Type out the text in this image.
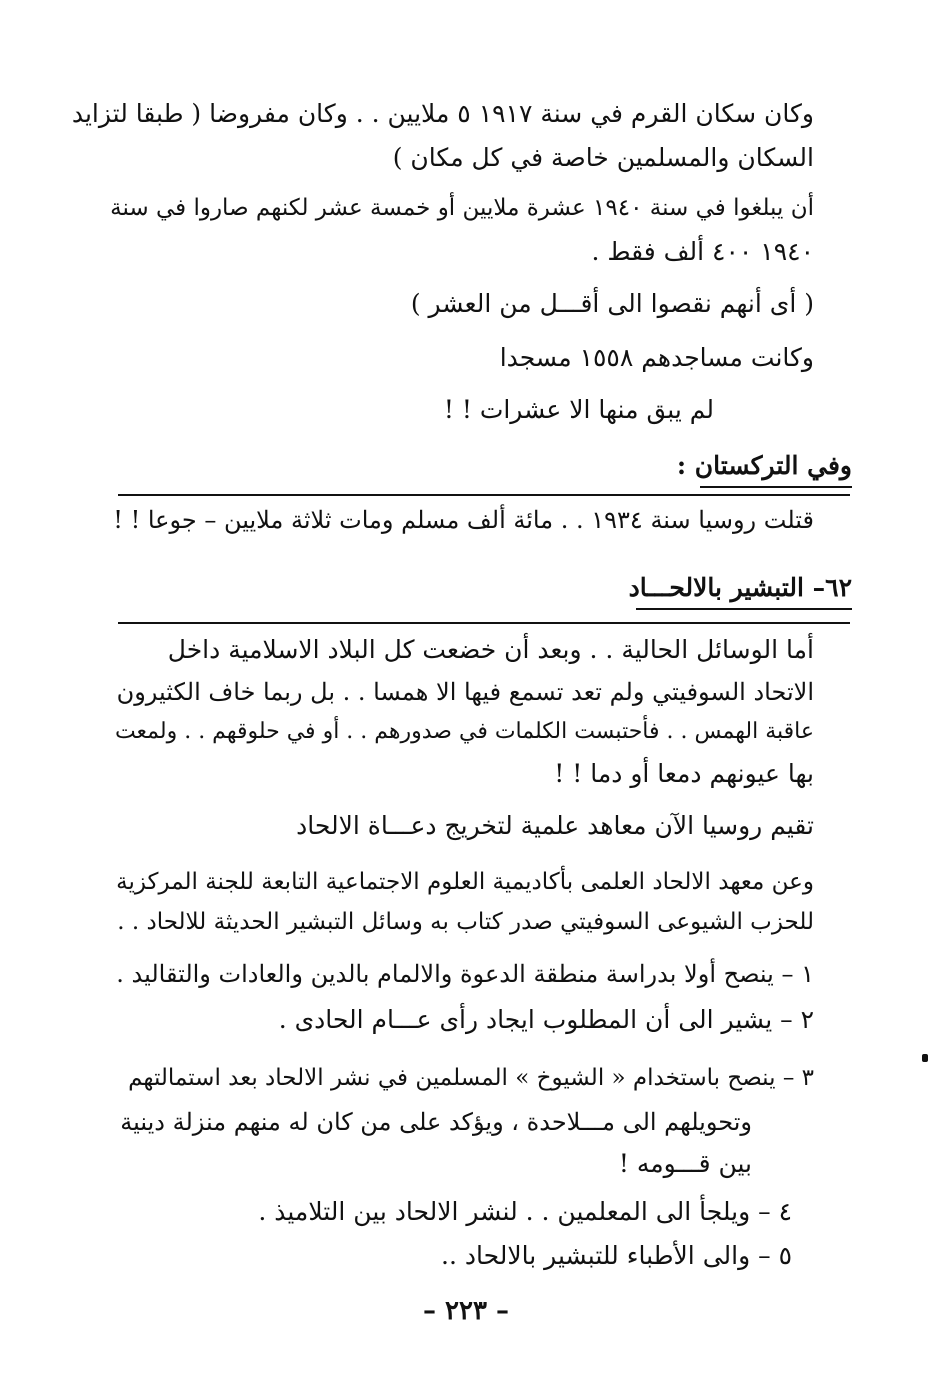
وكان سكان القرم في سنة ١٩١٧ ٥ ملايين . . وكان مفروضا ( طبقا لتزايد
السكان والمسلمين خاصة في كل مكان )
أن يبلغوا في سنة ١٩٤٠ عشرة ملايين أو خمسة عشر لكنهم صاروا في سنة
١٩٤٠ ٤٠٠ ألف فقط .
( أى أنهم نقصوا الى أقـــل من العشر )
وكانت مساجدهم ١٥٥٨ مسجدا
لم يبق منها الا عشرات ! !
وفي التركستان :
قتلت روسيا سنة ١٩٣٤ . . مائة ألف مسلم ومات ثلاثة ملايين – جوعا ! !
٦٢– التبشير بالالحـــاد
أما الوسائل الحالية . . وبعد أن خضعت كل البلاد الاسلامية داخل
الاتحاد السوفيتي ولم تعد تسمع فيها الا همسا . . بل ربما خاف الكثيرون
عاقبة الهمس . . فأحتبست الكلمات في صدورهم . . أو في حلوقهم . . ولمعت
بها عيونهم دمعا أو دما ! !
تقيم روسيا الآن معاهد علمية لتخريج دعـــاة الالحاد
وعن معهد الالحاد العلمى بأكاديمية العلوم الاجتماعية التابعة للجنة المركزية
للحزب الشيوعى السوفيتي صدر كتاب به وسائل التبشير الحديثة للالحاد . .
١ – ينصح أولا بدراسة منطقة الدعوة والالمام بالدين والعادات والتقاليد .
٢ – يشير الى أن المطلوب ايجاد رأى عـــام الحادى .
٣ – ينصح باستخدام « الشيوخ » المسلمين في نشر الالحاد بعد استمالتهم
وتحويلهم الى مـــلاحدة ، ويؤكد على من كان له منهم منزلة دينية
بين قـــومه !
٤ – ويلجأ الى المعلمين . . لنشر الالحاد بين التلاميذ .
٥ – والى الأطباء للتبشير بالالحاد ..
– ٢٢٣ –
